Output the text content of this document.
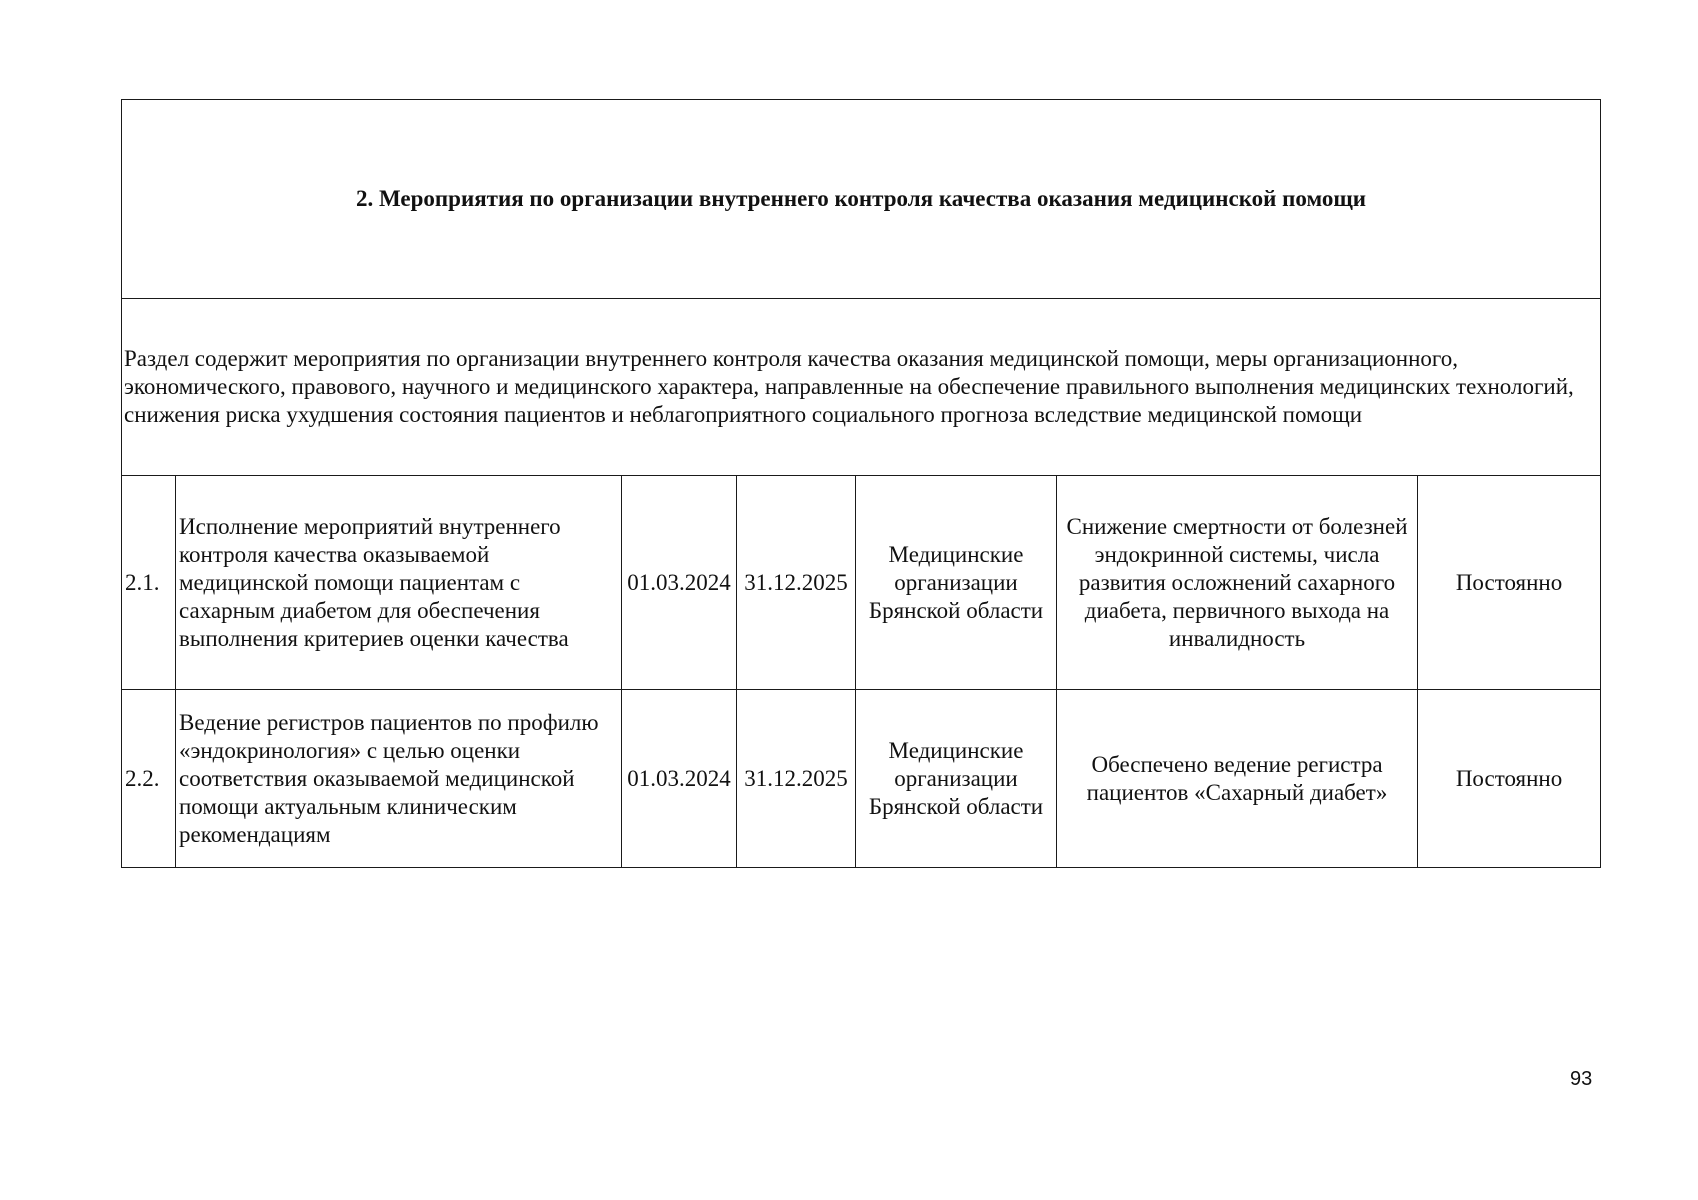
2. Мероприятия по организации внутреннего контроля качества оказания медицинской помощи						
Раздел содержит мероприятия по организации внутреннего контроля качества оказания медицинской помощи, меры организационного, экономического, правового, научного и медицинского характера, направленные на обеспечение правильного выполнения медицинских технологий, снижения риска ухудшения состояния пациентов и неблагоприятного социального прогноза вследствие медицинской помощи						
2.1.	Исполнение мероприятий внутреннего контроля качества оказываемой медицинской помощи пациентам с сахарным диабетом для обеспечения выполнения критериев оценки качества	01.03.2024	31.12.2025	Медицинские организации Брянской области	Снижение смертности от болезней эндокринной системы, числа развития осложнений сахарного диабета, первичного выхода на инвалидность	Постоянно
2.2.	Ведение регистров пациентов по профилю «эндокринология» с целью оценки соответствия оказываемой медицинской помощи актуальным клиническим рекомендациям	01.03.2024	31.12.2025	Медицинские организации Брянской области	Обеспечено ведение регистра пациентов «Сахарный диабет»	Постоянно
93
